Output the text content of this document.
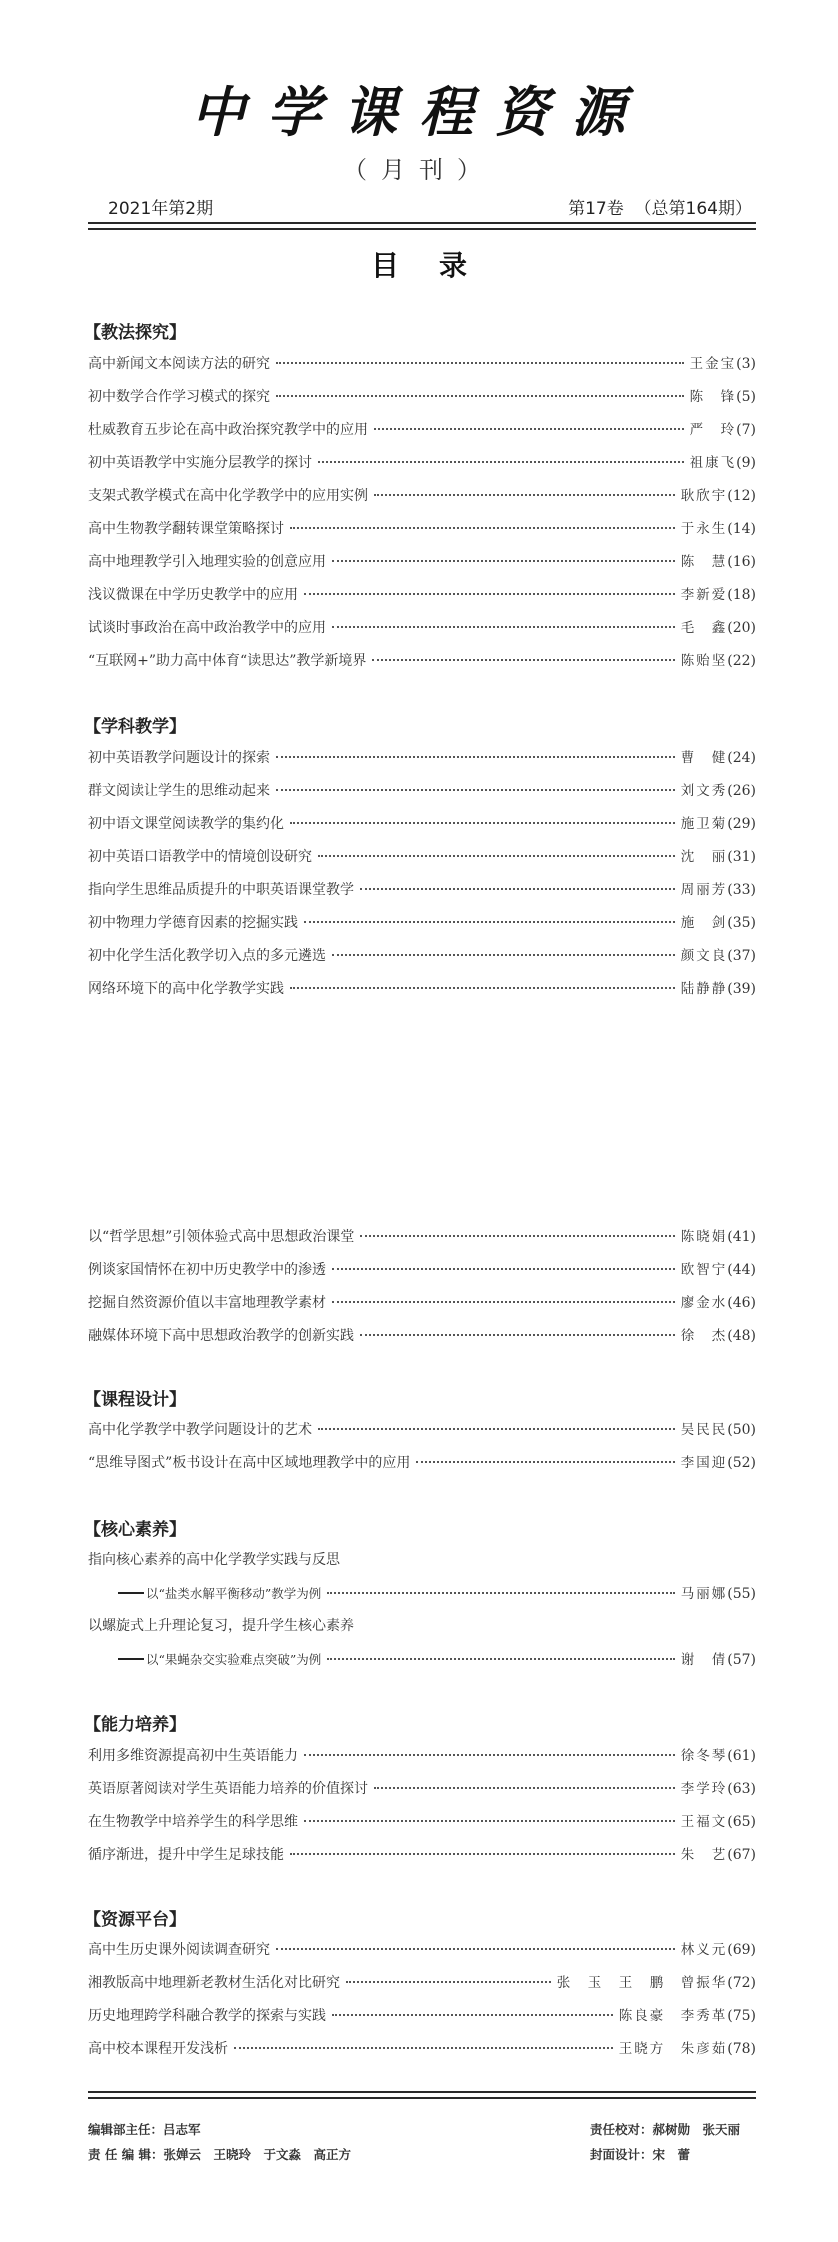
中学课程资源
（月刊）
2021年第2期	第17卷  （总第164期）
目录
【教法探究】
高中新闻文本阅读方法的研究	王金宝 (3)
初中数学合作学习模式的探究	陈　锋 (5)
杜威教育五步论在高中政治探究教学中的应用	严　玲 (7)
初中英语教学中实施分层教学的探讨	祖康飞 (9)
支架式教学模式在高中化学教学中的应用实例	耿欣宇 (12)
高中生物教学翻转课堂策略探讨	于永生 (14)
高中地理教学引入地理实验的创意应用	陈　慧 (16)
浅议微课在中学历史教学中的应用	李新爱 (18)
试谈时事政治在高中政治教学中的应用	毛　鑫 (20)
“互联网+”助力高中体育“读思达”教学新境界	陈贻坚 (22)
【学科教学】
初中英语教学问题设计的探索	曹　健 (24)
群文阅读让学生的思维动起来	刘文秀 (26)
初中语文课堂阅读教学的集约化	施卫菊 (29)
初中英语口语教学中的情境创设研究	沈　丽 (31)
指向学生思维品质提升的中职英语课堂教学	周丽芳 (33)
初中物理力学德育因素的挖掘实践	施　剑 (35)
初中化学生活化教学切入点的多元遴选	颜文良 (37)
网络环境下的高中化学教学实践	陆静静 (39)
以“哲学思想”引领体验式高中思想政治课堂	陈晓娟 (41)
例谈家国情怀在初中历史教学中的渗透	欧智宁 (44)
挖掘自然资源价值以丰富地理教学素材	廖金水 (46)
融媒体环境下高中思想政治教学的创新实践	徐　杰 (48)
【课程设计】
高中化学教学中教学问题设计的艺术	吴民民 (50)
“思维导图式”板书设计在高中区域地理教学中的应用	李国迎 (52)
【核心素养】
指向核心素养的高中化学教学实践与反思
以“盐类水解平衡移动”教学为例	马丽娜 (55)
以螺旋式上升理论复习，提升学生核心素养
以“果蝇杂交实验难点突破”为例	谢　倩 (57)
【能力培养】
利用多维资源提高初中生英语能力	徐冬琴 (61)
英语原著阅读对学生英语能力培养的价值探讨	李学玲 (63)
在生物教学中培养学生的科学思维	王福文 (65)
循序渐进，提升中学生足球技能	朱　艺 (67)
【资源平台】
高中生历史课外阅读调查研究	林义元 (69)
湘教版高中地理新老教材生活化对比研究	张　玉　王　鹏　曾振华 (72)
历史地理跨学科融合教学的探索与实践	陈良豪　李秀革 (75)
高中校本课程开发浅析	王晓方　朱彦茹 (78)
编辑部主任：吕志军
责 任 编 辑：张婵云　王晓玲　于文淼　高正方
责任校对：郝树勋　张天丽
封面设计：宋　蕾
